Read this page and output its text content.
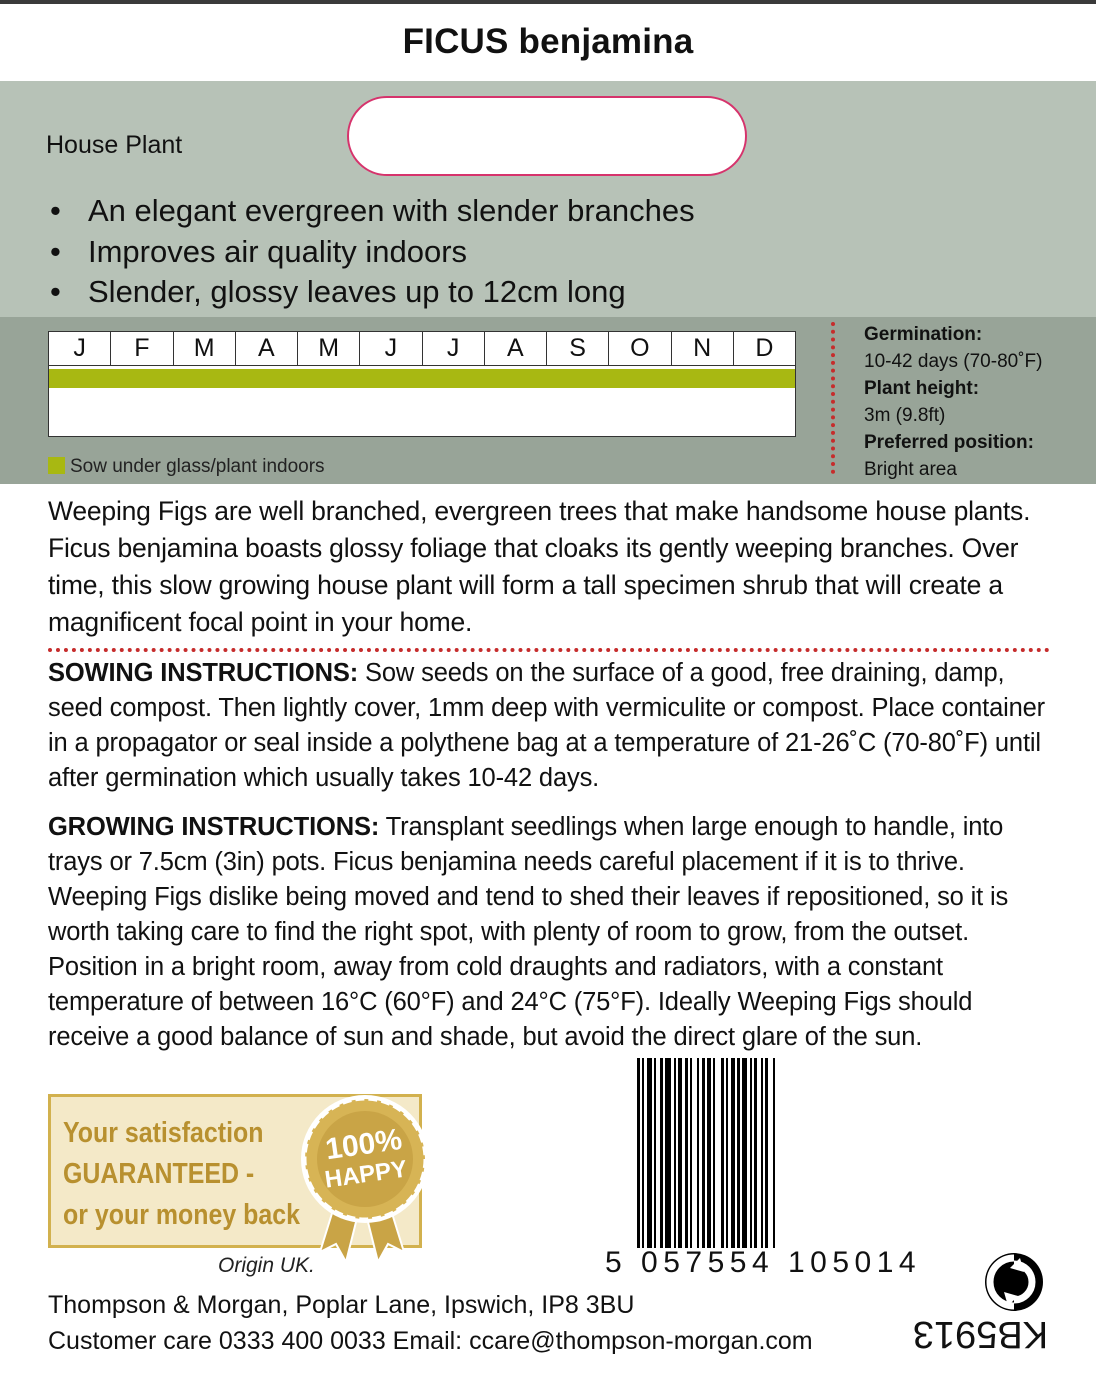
FICUS benjamina
House Plant
• An elegant evergreen with slender branches
• Improves air quality indoors
• Slender, glossy leaves up to 12cm long
J	F	M	A	M	J	J	A	S	O	N	D
Sow under glass/plant indoors
Germination:
10-42 days (70-80˚F)
Plant height:
3m (9.8ft)
Preferred position:
Bright area
Weeping Figs are well branched, evergreen trees that make handsome house plants. Ficus benjamina boasts glossy foliage that cloaks its gently weeping branches. Over time, this slow growing house plant will form a tall specimen shrub that will create a magnificent focal point in your home.
SOWING INSTRUCTIONS: Sow seeds on the surface of a good, free draining, damp, seed compost. Then lightly cover, 1mm deep with vermiculite or compost. Place container in a propagator or seal inside a polythene bag at a temperature of 21-26˚C (70-80˚F) until after germination which usually takes 10-42 days.
GROWING INSTRUCTIONS: Transplant seedlings when large enough to handle, into trays or 7.5cm (3in) pots. Ficus benjamina needs careful placement if it is to thrive. Weeping Figs dislike being moved and tend to shed their leaves if repositioned, so it is worth taking care to find the right spot, with plenty of room to grow, from the outset. Position in a bright room, away from cold draughts and radiators, with a constant temperature of between 16°C (60°F) and 24°C (75°F). Ideally Weeping Figs should receive a good balance of sun and shade, but avoid the direct glare of the sun.
Your satisfaction
GUARANTEED -
or your money back
100%
HAPPY
Origin UK.	5 057554 105014
Thompson & Morgan, Poplar Lane, Ipswich, IP8 3BU
Customer care 0333 400 0033 Email: ccare@thompson-morgan.com	KB5913
